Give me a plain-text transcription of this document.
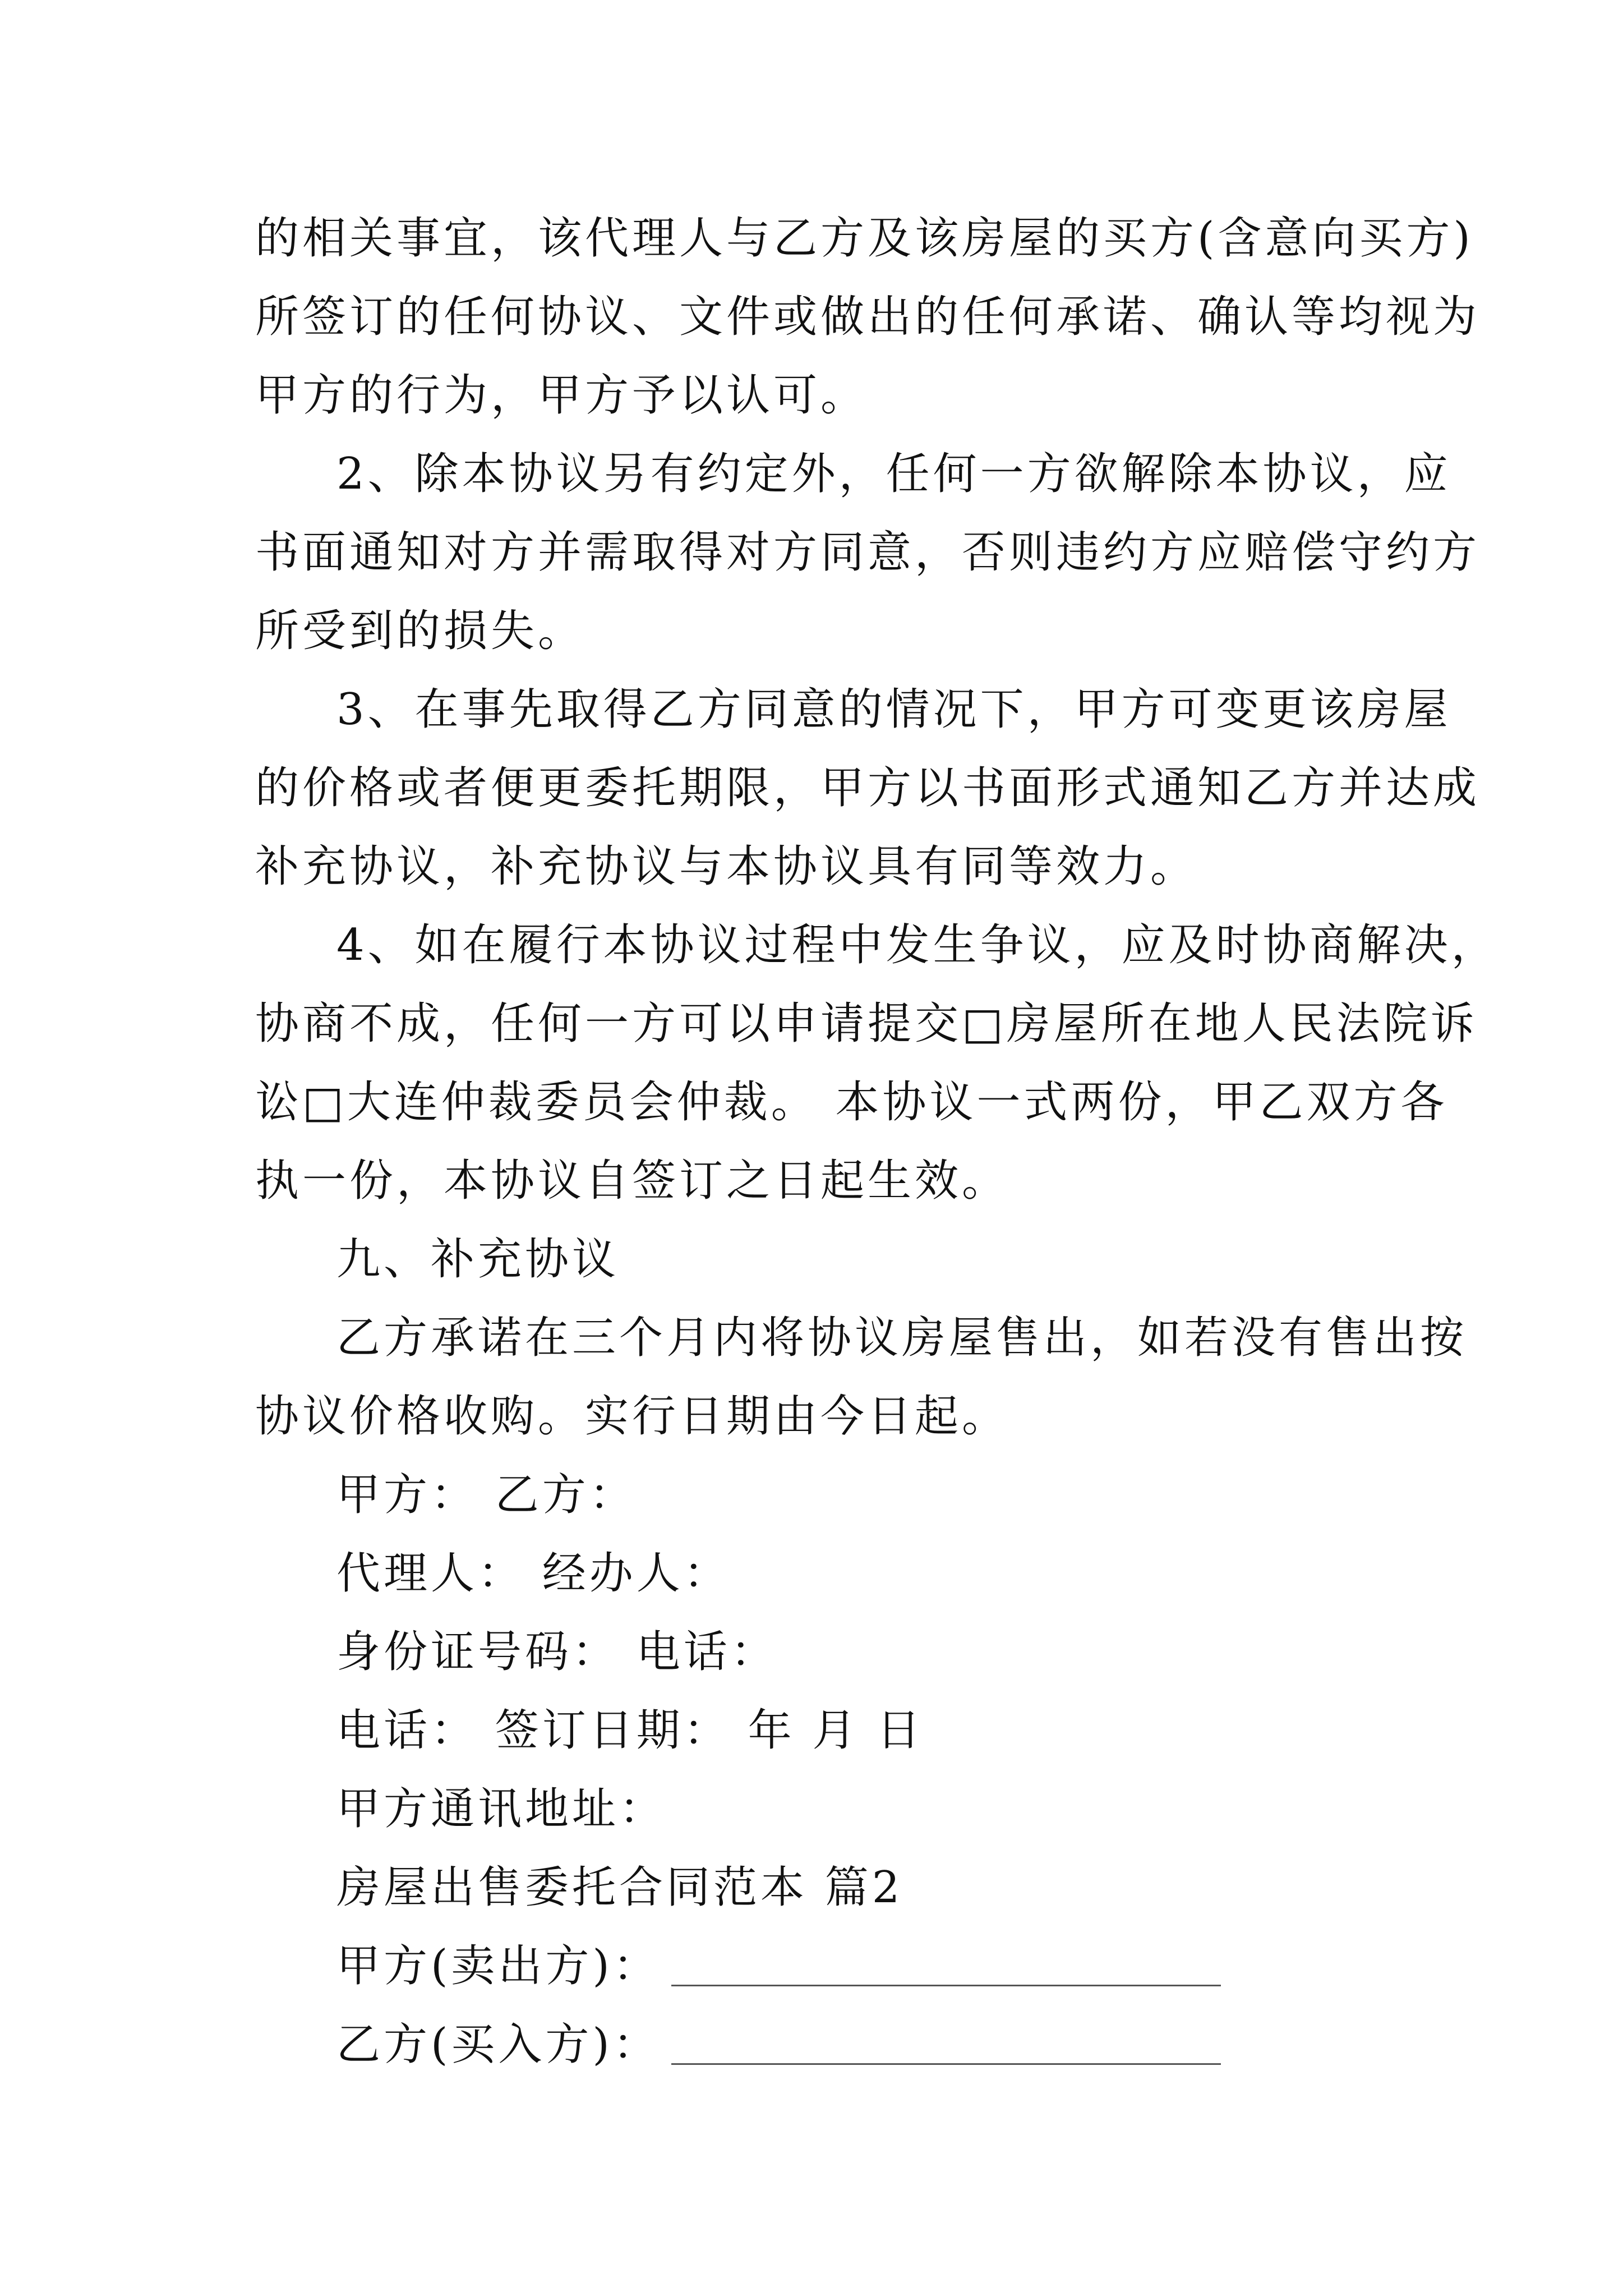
的相关事宜，该代理人与乙方及该房屋的买方(含意向买方)
所签订的任何协议、文件或做出的任何承诺、确认等均视为
甲方的行为，甲方予以认可。
2、除本协议另有约定外，任何一方欲解除本协议，应
书面通知对方并需取得对方同意，否则违约方应赔偿守约方
所受到的损失。
3、在事先取得乙方同意的情况下，甲方可变更该房屋
的价格或者便更委托期限，甲方以书面形式通知乙方并达成
补充协议，补充协议与本协议具有同等效力。
4、如在履行本协议过程中发生争议，应及时协商解决，
协商不成，任何一方可以申请提交□房屋所在地人民法院诉
讼□大连仲裁委员会仲裁。 本协议一式两份，甲乙双方各
执一份，本协议自签订之日起生效。
九、补充协议
乙方承诺在三个月内将协议房屋售出，如若没有售出按
协议价格收购。实行日期由今日起。
甲方： 乙方：
代理人： 经办人：
身份证号码： 电话：
电话： 签订日期： 年 月 日
甲方通讯地址：
房屋出售委托合同范本 篇2
甲方(卖出方)：
乙方(买入方)：
